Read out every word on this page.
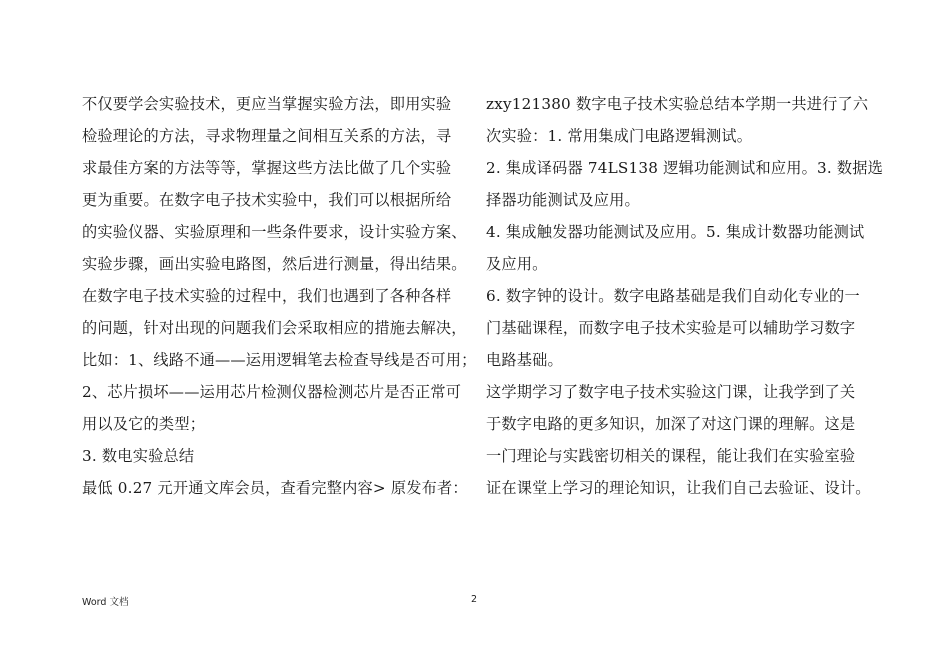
不仅要学会实验技术，更应当掌握实验方法，即用实验
检验理论的方法，寻求物理量之间相互关系的方法，寻
求最佳方案的方法等等，掌握这些方法比做了几个实验
更为重要。在数字电子技术实验中，我们可以根据所给
的实验仪器、实验原理和一些条件要求，设计实验方案、
实验步骤，画出实验电路图，然后进行测量，得出结果。
在数字电子技术实验的过程中，我们也遇到了各种各样
的问题，针对出现的问题我们会采取相应的措施去解决，
比如：1、线路不通——运用逻辑笔去检查导线是否可用；
2、芯片损坏——运用芯片检测仪器检测芯片是否正常可
用以及它的类型；
3. 数电实验总结
最低 0.27 元开通文库会员，查看完整内容> 原发布者：
zxy121380 数字电子技术实验总结本学期一共进行了六
次实验：1. 常用集成门电路逻辑测试。
2. 集成译码器 74LS138 逻辑功能测试和应用。3. 数据选
择器功能测试及应用。
4. 集成触发器功能测试及应用。5. 集成计数器功能测试
及应用。
6. 数字钟的设计。数字电路基础是我们自动化专业的一
门基础课程，而数字电子技术实验是可以辅助学习数字
电路基础。
这学期学习了数字电子技术实验这门课，让我学到了关
于数字电路的更多知识，加深了对这门课的理解。这是
一门理论与实践密切相关的课程，能让我们在实验室验
证在课堂上学习的理论知识，让我们自己去验证、设计。
Word 文档	2
